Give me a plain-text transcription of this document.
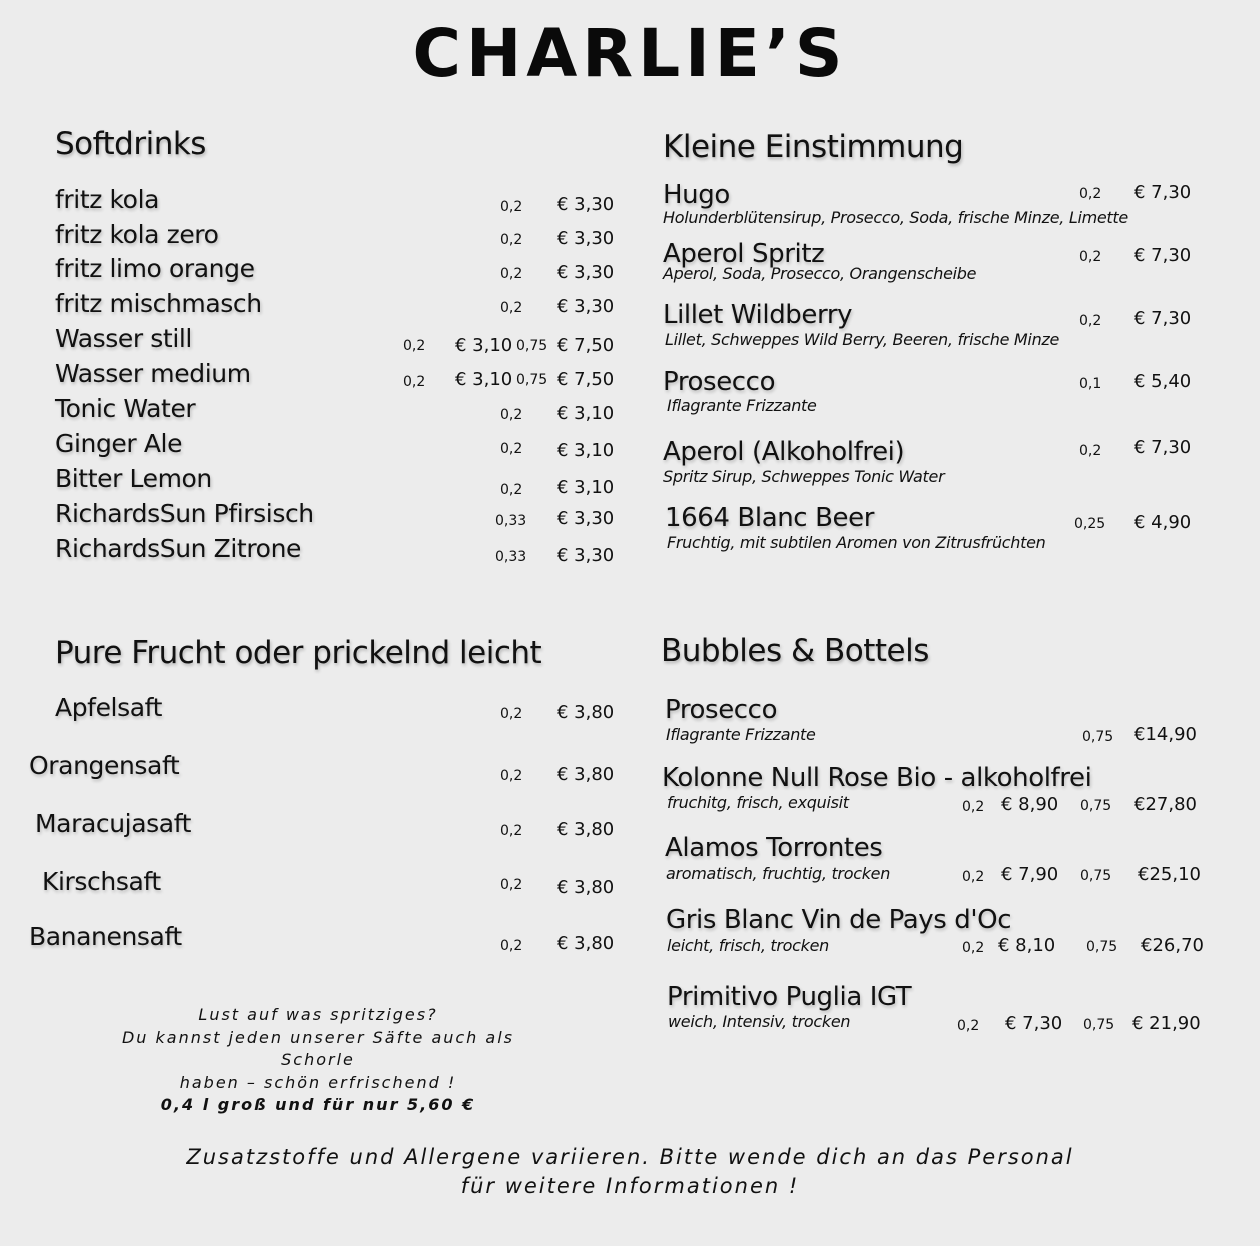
CHARLIE’S
Softdrinks
fritz kola	0,2 € 3,30
fritz kola zero	0,2 € 3,30
fritz limo orange	0,2 € 3,30
fritz mischmasch	0,2 € 3,30
Wasser still	0,2 € 3,10 0,75 € 7,50
Wasser medium	0,2 € 3,10 0,75 € 7,50
Tonic Water	0,2 € 3,10
Ginger Ale	0,2 € 3,10
Bitter Lemon	0,2 € 3,10
RichardsSun Pfirsisch	0,33 € 3,30
RichardsSun Zitrone	0,33 € 3,30
Pure Frucht oder prickelnd leicht
Apfelsaft	0,2 € 3,80
Orangensaft	0,2 € 3,80
Maracujasaft	0,2 € 3,80
Kirschsaft	0,2 € 3,80
Bananensaft	0,2 € 3,80
Lust auf was spritziges?
Du kannst jeden unserer Säfte auch als Schorle
haben – schön erfrischend !
0,4 l groß und für nur 5,60 €
Kleine Einstimmung
Hugo
Holunderblütensirup, Prosecco, Soda, frische Minze, Limette
0,2 € 7,30
Aperol Spritz
Aperol, Soda, Prosecco, Orangenscheibe
0,2 € 7,30
Lillet Wildberry
Lillet, Schweppes Wild Berry, Beeren, frische Minze
0,2 € 7,30
Prosecco
Iflagrante Frizzante
0,1 € 5,40
Aperol (Alkoholfrei)
Spritz Sirup, Schweppes Tonic Water
0,2 € 7,30
1664 Blanc Beer
Fruchtig, mit subtilen Aromen von Zitrusfrüchten
0,25 € 4,90
Bubbles & Bottels
Prosecco
Iflagrante Frizzante	0,75 €14,90
Kolonne Null Rose Bio - alkoholfrei
fruchitg, frisch, exquisit	0,2 € 8,90 0,75 €27,80
Alamos Torrontes
aromatisch, fruchtig, trocken	0,2 € 7,90 0,75 €25,10
Gris Blanc Vin de Pays d'Oc
leicht, frisch, trocken	0,2 € 8,10 0,75 €26,70
Primitivo Puglia IGT
weich, Intensiv, trocken	0,2 € 7,30 0,75 € 21,90
Zusatzstoffe und Allergene variieren. Bitte wende dich an das Personal
für weitere Informationen !
